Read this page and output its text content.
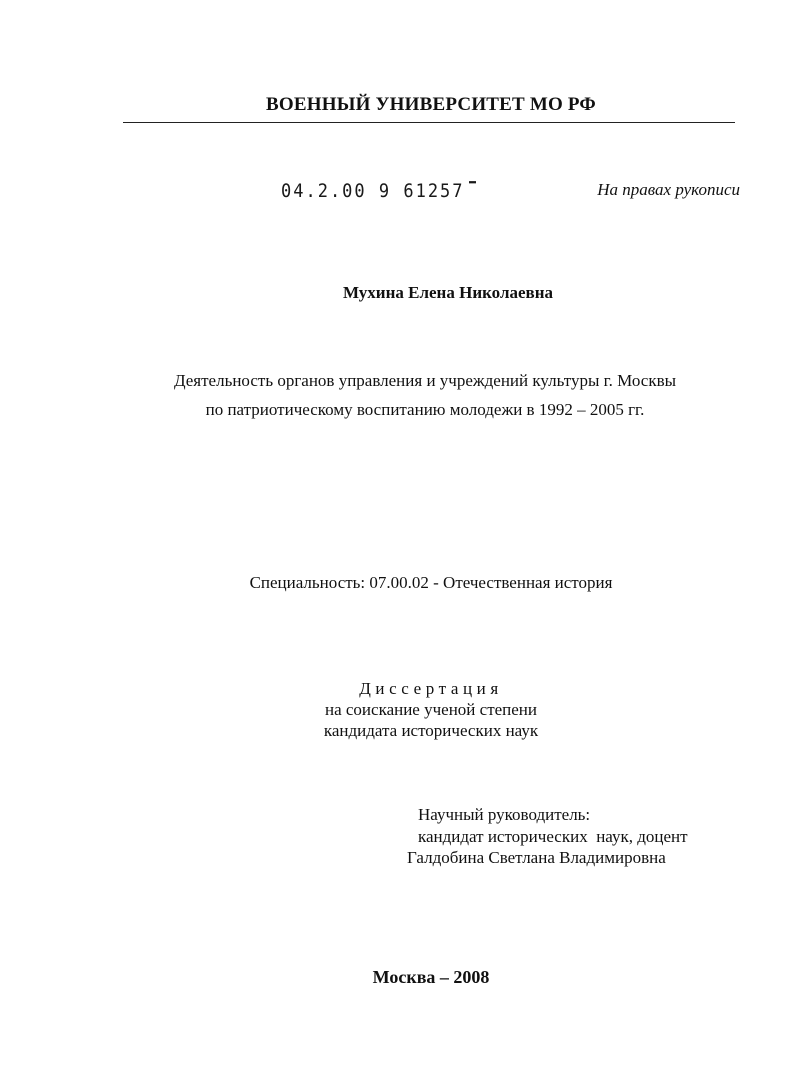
ВОЕННЫЙ УНИВЕРСИТЕТ МО РФ
04.2.00 9 61257	На правах рукописи
Мухина Елена Николаевна
Деятельность органов управления и учреждений культуры г. Москвы
по патриотическому воспитанию молодежи в 1992 – 2005 гг.
Специальность: 07.00.02 - Отечественная история
Диссертация
на соискание ученой степени
кандидата исторических наук
Научный руководитель:
кандидат исторических  наук, доцент
Галдобина Светлана Владимировна
Москва – 2008
